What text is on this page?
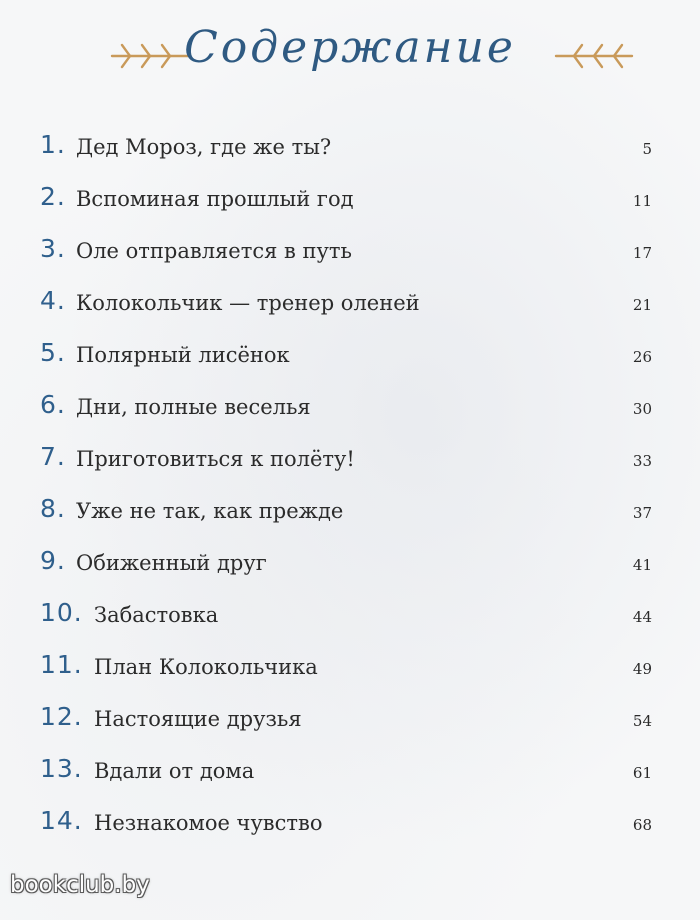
Содержание
1. Дед Мороз, где же ты?	5
2. Вспоминая прошлый год	11
3. Оле отправляется в путь	17
4. Колокольчик — тренер оленей	21
5. Полярный лисёнок	26
6. Дни, полные веселья	30
7. Приготовиться к полёту!	33
8. Уже не так, как прежде	37
9. Обиженный друг	41
10. Забастовка	44
11. План Колокольчика	49
12. Настоящие друзья	54
13. Вдали от дома	61
14. Незнакомое чувство	68
bookclub.by
